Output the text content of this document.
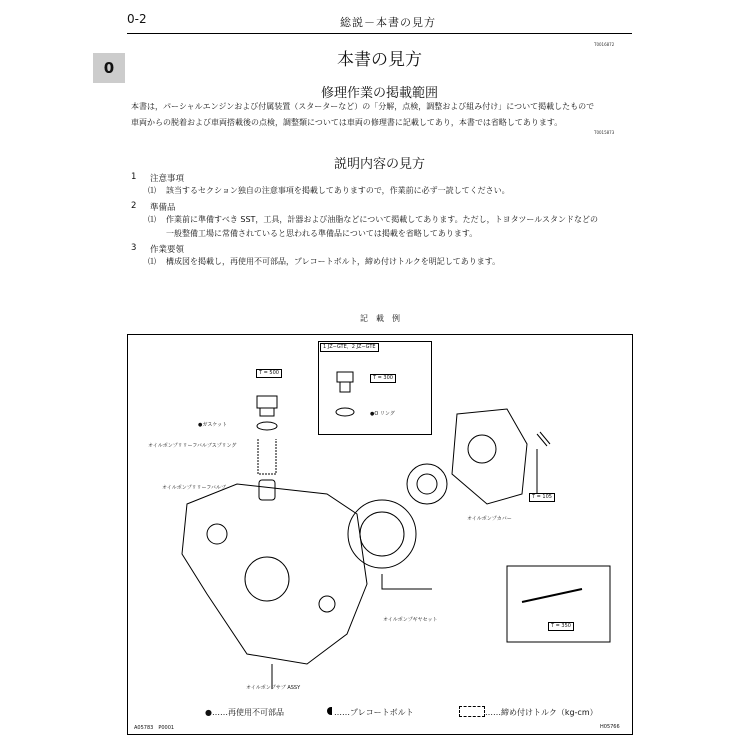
0-2	総説－本書の見方
0
T0016872
本書の見方
修理作業の掲載範囲
本書は，パーシャルエンジンおよび付属装置（スターターなど）の「分解，点検，調整および組み付け」について掲載したもので
車両からの脱着および車両搭載後の点検，調整類については車両の修理書に記載してあり，本書では省略してあります。
T0015873
説明内容の見方
1 注意事項
⑴ 該当するセクション独自の注意事項を掲載してありますので，作業前に必ず一読してください。
2 準備品
⑴ 作業前に準備すべき SST，工具，計器および油脂などについて掲載してあります。ただし，トヨタツールスタンドなどの
一般整備工場に常備されていると思われる準備品については掲載を省略してあります。
3 作業要領
⑴ 構成図を掲載し，再使用不可部品，プレコートボルト，締め付けトルクを明記してあります。
記　載　例
1 JZ−GTE，2 JZ−GTE
T = 500
T = 300
●O リング
●ガスケット
オイルポンプリリーフバルブスプリング
オイルポンプリリーフバルブ
T = 105
オイルポンプカバー
オイルポンプギヤセット
T = 350
オイルポンプサブ ASSY
●……再使用不可部品	……プレコートボルト	……締め付けトルク（kg-cm）
A05783　P0001	H05766
